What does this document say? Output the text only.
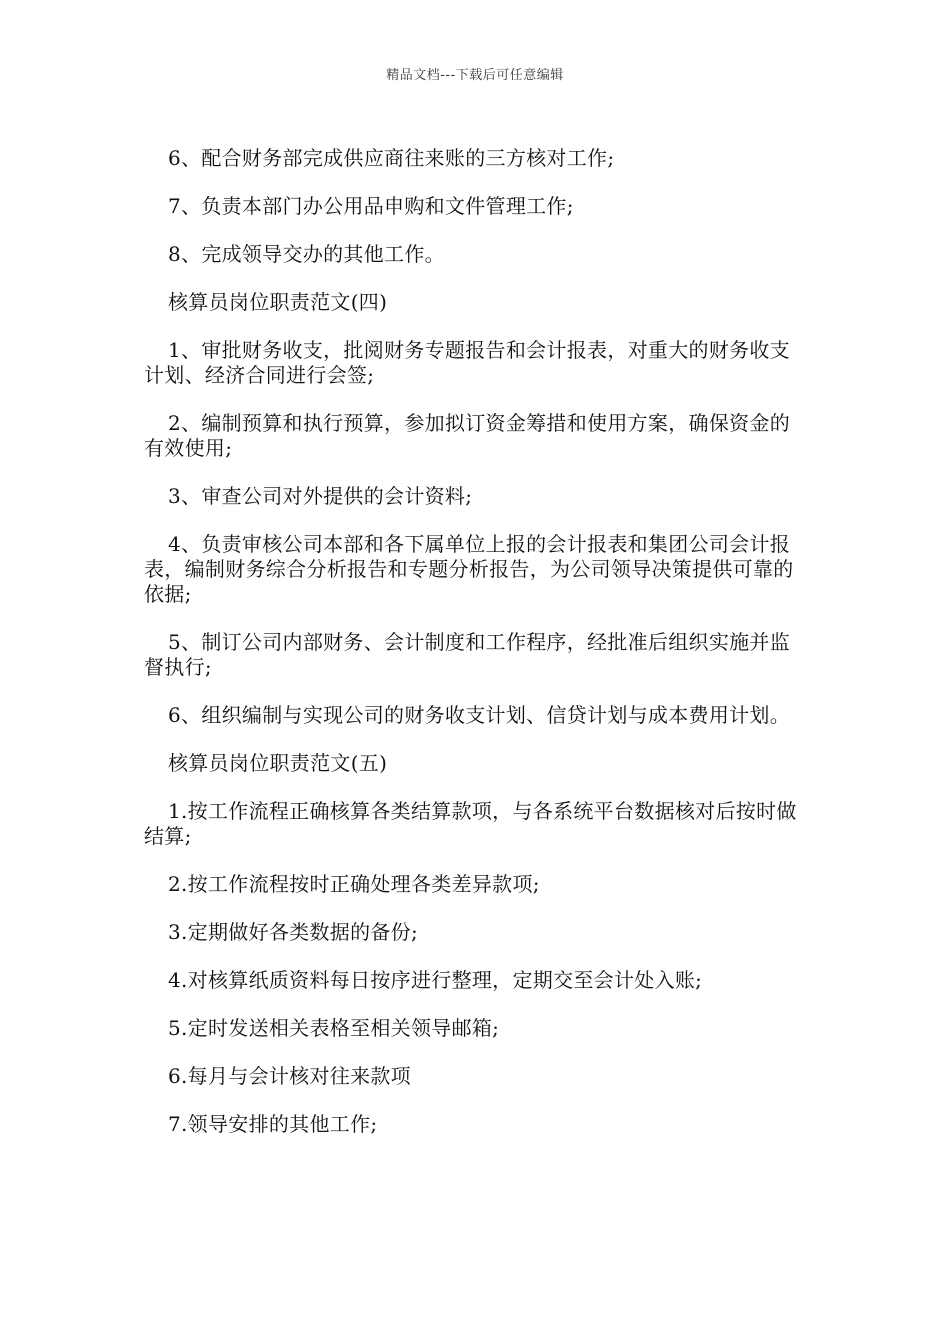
精品文档---下载后可任意编辑

6、配合财务部完成供应商往来账的三方核对工作;

7、负责本部门办公用品申购和文件管理工作;

8、完成领导交办的其他工作。

核算员岗位职责范文(四)

1、审批财务收支，批阅财务专题报告和会计报表，对重大的财务收支计划、经济合同进行会签;

2、编制预算和执行预算，参加拟订资金筹措和使用方案，确保资金的有效使用;

3、审查公司对外提供的会计资料;

4、负责审核公司本部和各下属单位上报的会计报表和集团公司会计报表，编制财务综合分析报告和专题分析报告，为公司领导决策提供可靠的依据;

5、制订公司内部财务、会计制度和工作程序，经批准后组织实施并监督执行;

6、组织编制与实现公司的财务收支计划、信贷计划与成本费用计划。

核算员岗位职责范文(五)

1.按工作流程正确核算各类结算款项，与各系统平台数据核对后按时做结算;

2.按工作流程按时正确处理各类差异款项;

3.定期做好各类数据的备份;

4.对核算纸质资料每日按序进行整理，定期交至会计处入账;

5.定时发送相关表格至相关领导邮箱;

6.每月与会计核对往来款项

7.领导安排的其他工作;
